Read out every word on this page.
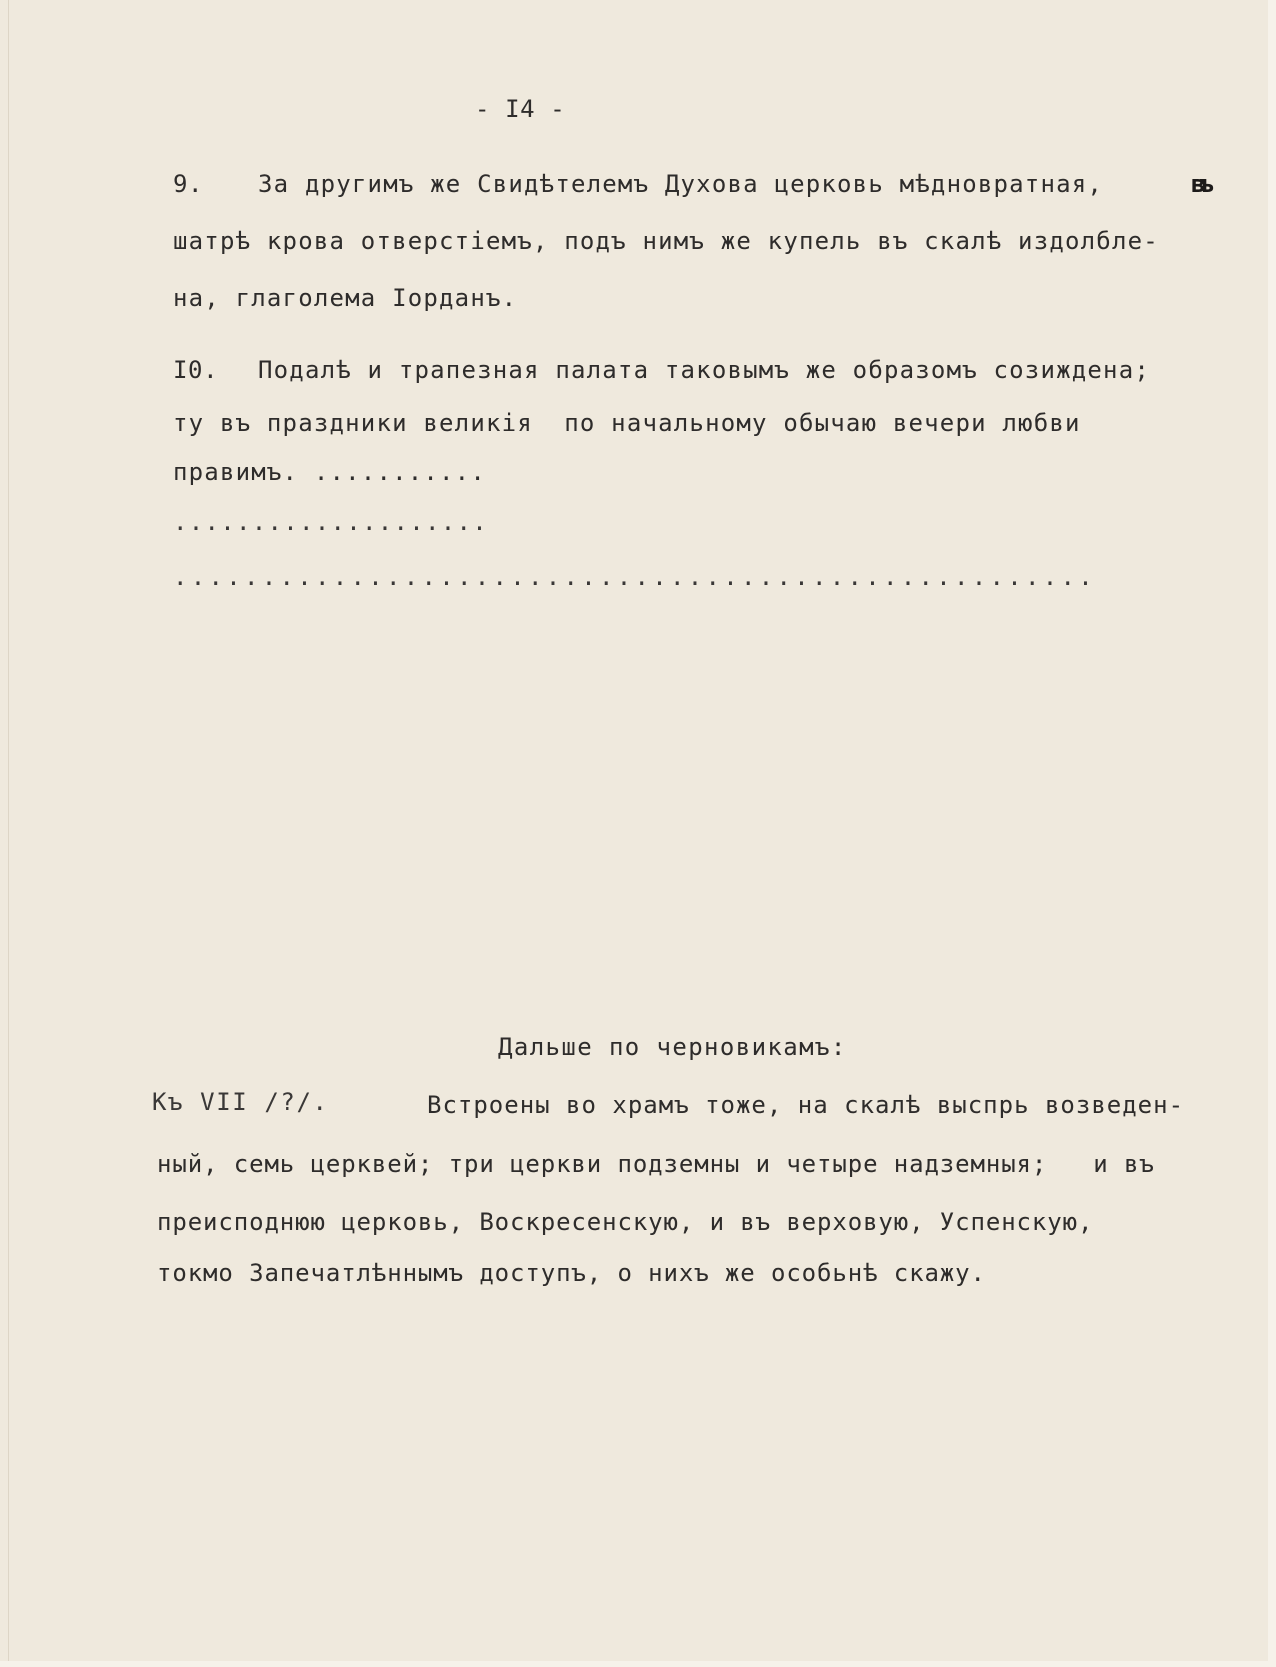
- I4 -
9. За другимъ же Свидѣтелемъ Духова церковь мѣдновратная,	въ
шатрѣ крова отверстiемъ, подъ нимъ же купель въ скалѣ издолблe-
на, глаголема Iорданъ.
I0. Подалѣ и трапезная палата таковымъ же образомъ созиждена;
ту въ праздники великiя  по начальному обычаю вечери любви
правимъ. ...........
....................
....................................................
Дальше по черновикамъ:
Къ VII /?/.	Встроены во храмъ тоже, на скалѣ выспрь возведен-
ный, семь церквей; три церкви подземны и четыре надземныя;   и въ
преисподнюю церковь, Воскресенскую, и въ верховую, Успенскую,
токмо Запечатлѣннымъ доступъ, о нихъ же особьнѣ скажу.
